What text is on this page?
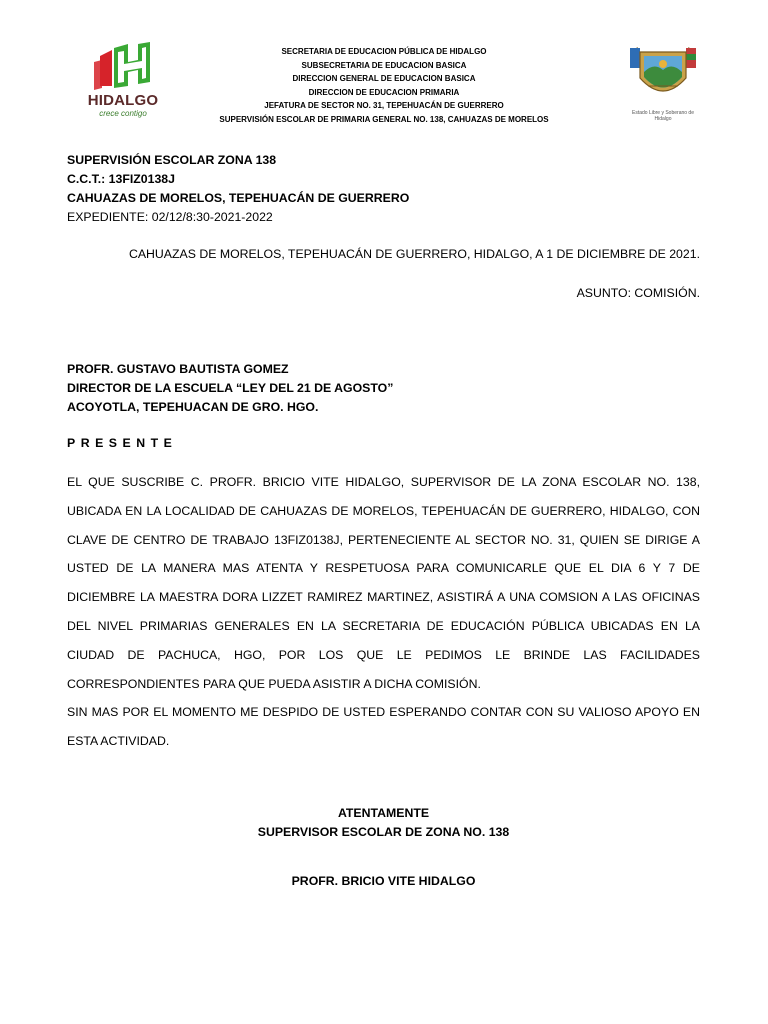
HIDALGO
crece contigo
SECRETARIA DE EDUCACION PÚBLICA DE HIDALGO
SUBSECRETARIA DE EDUCACION BASICA
DIRECCION GENERAL DE EDUCACION BASICA
DIRECCION DE EDUCACION PRIMARIA
JEFATURA DE SECTOR NO. 31, TEPEHUACÁN DE GUERRERO
SUPERVISIÓN ESCOLAR DE PRIMARIA GENERAL NO. 138, CAHUAZAS DE MORELOS
Estado Libre y Soberano de Hidalgo
SUPERVISIÓN ESCOLAR ZONA 138
C.C.T.: 13FIZ0138J
CAHUAZAS DE MORELOS, TEPEHUACÁN DE GUERRERO
EXPEDIENTE: 02/12/8:30-2021-2022
CAHUAZAS DE MORELOS, TEPEHUACÁN DE GUERRERO, HIDALGO, A 1 DE DICIEMBRE DE 2021.
ASUNTO: COMISIÓN.
PROFR. GUSTAVO BAUTISTA GOMEZ
DIRECTOR DE LA ESCUELA “LEY DEL 21 DE AGOSTO”
ACOYOTLA, TEPEHUACAN DE GRO. HGO.
PRESENTE

EL QUE SUSCRIBE C. PROFR. BRICIO VITE HIDALGO, SUPERVISOR DE LA ZONA ESCOLAR NO. 138, UBICADA EN LA LOCALIDAD DE CAHUAZAS DE MORELOS, TEPEHUACÁN DE GUERRERO, HIDALGO, CON CLAVE DE CENTRO DE TRABAJO 13FIZ0138J, PERTENECIENTE AL SECTOR NO. 31, QUIEN SE DIRIGE A USTED DE LA MANERA MAS ATENTA Y RESPETUOSA PARA COMUNICARLE QUE EL DIA 6 Y 7 DE DICIEMBRE LA MAESTRA DORA LIZZET RAMIREZ MARTINEZ, ASISTIRÁ A UNA COMSION A LAS OFICINAS DEL NIVEL PRIMARIAS GENERALES EN LA SECRETARIA DE EDUCACIÓN PÚBLICA UBICADAS EN LA CIUDAD DE PACHUCA, HGO, POR LOS QUE LE PEDIMOS LE BRINDE LAS FACILIDADES CORRESPONDIENTES PARA QUE PUEDA ASISTIR A DICHA COMISIÓN.

SIN MAS POR EL MOMENTO ME DESPIDO DE USTED ESPERANDO CONTAR CON SU VALIOSO APOYO EN ESTA ACTIVIDAD.

ATENTAMENTE
SUPERVISOR ESCOLAR DE ZONA NO. 138
PROFR. BRICIO VITE HIDALGO
